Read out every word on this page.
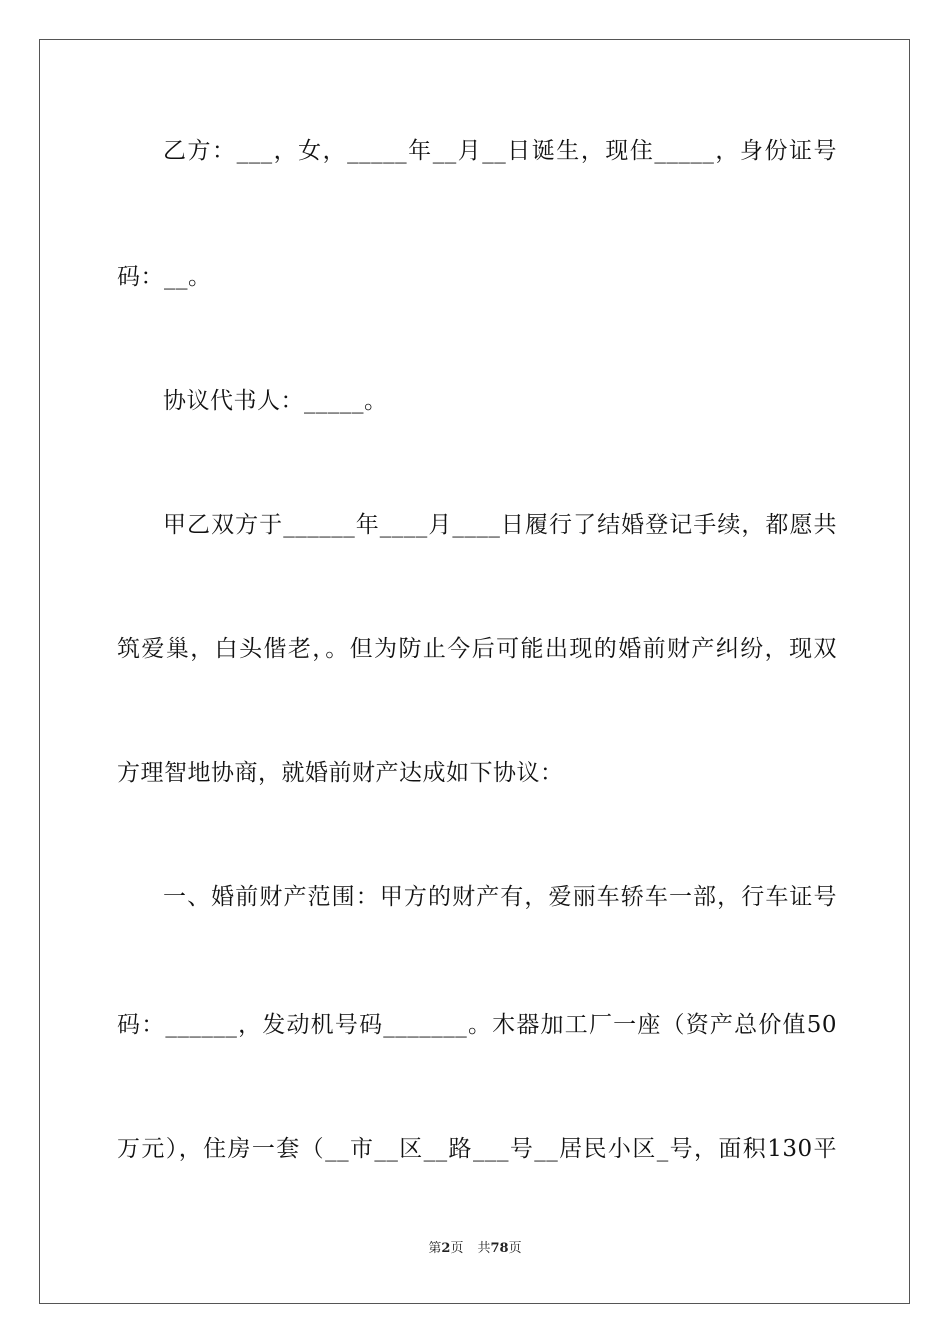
乙方：___，女，_____年__月__日诞生，现住_____，身份证号
码：__。
协议代书人：_____。
甲乙双方于______年____月____日履行了结婚登记手续，都愿共
筑爱巢，白头偕老，。但为防止今后可能出现的婚前财产纠纷，现双
方理智地协商，就婚前财产达成如下协议：
一、婚前财产范围：甲方的财产有，爱丽车轿车一部，行车证号
码：______，发动机号码_______。木器加工厂一座（资产总价值50
万元），住房一套（__市__区__路___号__居民小区_号，面积130平
第2页 共78页
